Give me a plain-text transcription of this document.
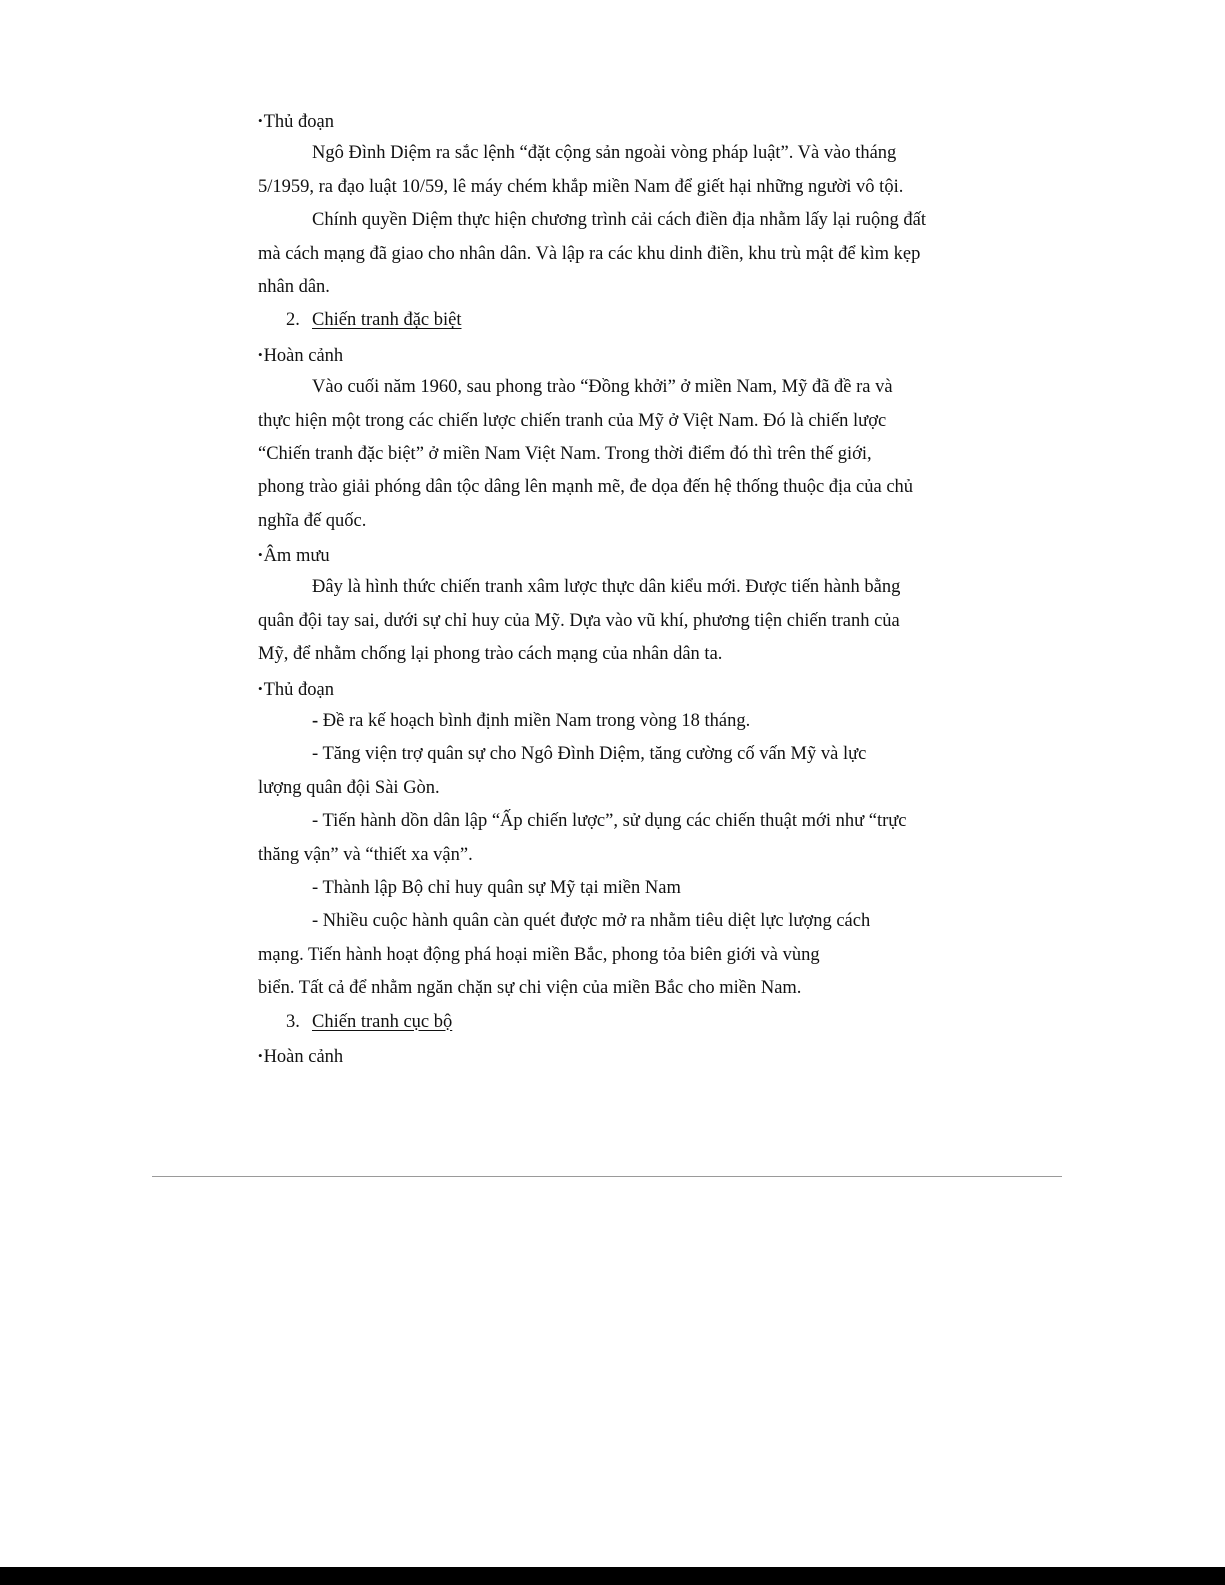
•Thủ đoạn
Ngô Đình Diệm ra sắc lệnh “đặt cộng sản ngoài vòng pháp luật”. Và vào tháng
5/1959, ra đạo luật 10/59, lê máy chém khắp miền Nam để giết hại những người vô tội.
Chính quyền Diệm thực hiện chương trình cải cách điền địa nhằm lấy lại ruộng đất
mà cách mạng đã giao cho nhân dân. Và lập ra các khu dinh điền, khu trù mật để kìm kẹp
nhân dân.
2. Chiến tranh đặc biệt
•Hoàn cảnh
Vào cuối năm 1960, sau phong trào “Đồng khởi” ở miền Nam, Mỹ đã đề ra và
thực hiện một trong các chiến lược chiến tranh của Mỹ ở Việt Nam. Đó là chiến lược
“Chiến tranh đặc biệt” ở miền Nam Việt Nam. Trong thời điểm đó thì trên thế giới,
phong trào giải phóng dân tộc dâng lên mạnh mẽ, đe dọa đến hệ thống thuộc địa của chủ
nghĩa đế quốc.
•Âm mưu
Đây là hình thức chiến tranh xâm lược thực dân kiểu mới. Được tiến hành bằng
quân đội tay sai, dưới sự chỉ huy của Mỹ. Dựa vào vũ khí, phương tiện chiến tranh của
Mỹ, để nhằm chống lại phong trào cách mạng của nhân dân ta.
•Thủ đoạn
- Đề ra kế hoạch bình định miền Nam trong vòng 18 tháng.
- Tăng viện trợ quân sự cho Ngô Đình Diệm, tăng cường cố vấn Mỹ và lực
lượng quân đội Sài Gòn.
- Tiến hành dồn dân lập “Ấp chiến lược”, sử dụng các chiến thuật mới như “trực
thăng vận” và “thiết xa vận”.
- Thành lập Bộ chỉ huy quân sự Mỹ tại miền Nam
- Nhiều cuộc hành quân càn quét được mở ra nhằm tiêu diệt lực lượng cách
mạng. Tiến hành hoạt động phá hoại miền Bắc, phong tỏa biên giới và vùng
biển. Tất cả để nhằm ngăn chặn sự chi viện của miền Bắc cho miền Nam.
3. Chiến tranh cục bộ
•Hoàn cảnh
